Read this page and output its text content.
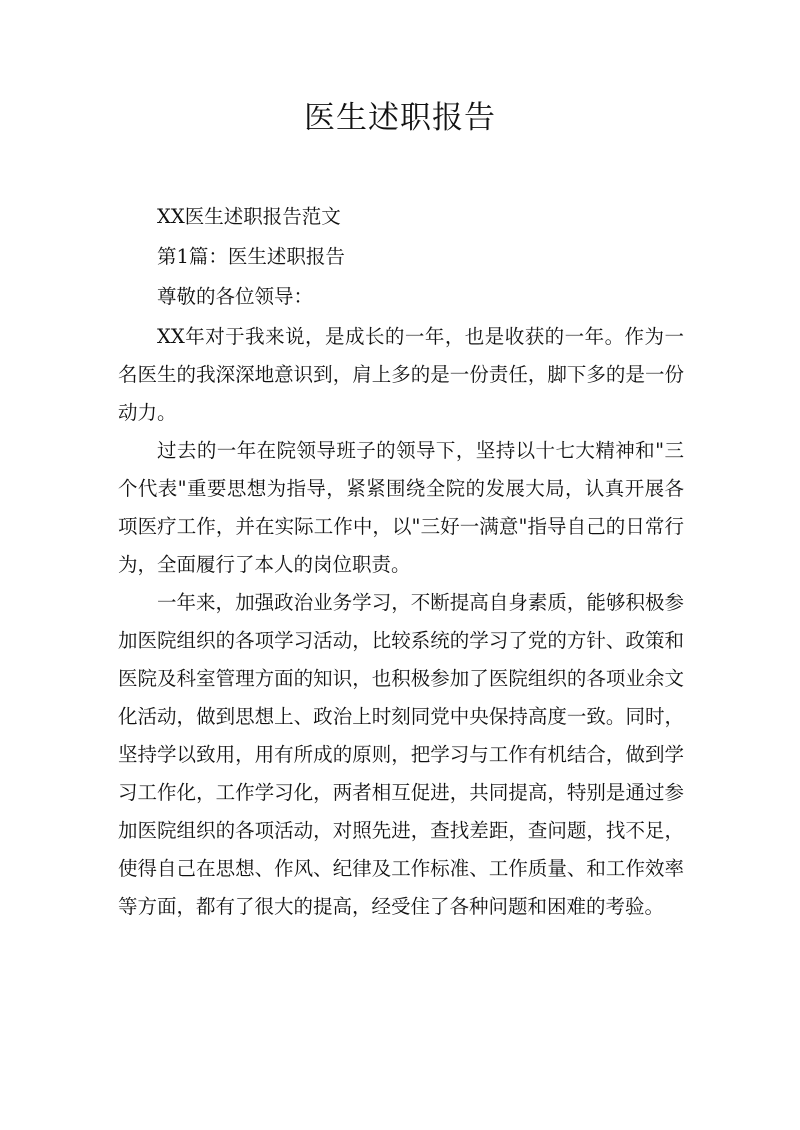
医生述职报告

XX医生述职报告范文

第1篇：医生述职报告

尊敬的各位领导：

XX年对于我来说，是成长的一年，也是收获的一年。作为一名医生的我深深地意识到，肩上多的是一份责任，脚下多的是一份动力。

过去的一年在院领导班子的领导下，坚持以十七大精神和"三个代表"重要思想为指导，紧紧围绕全院的发展大局，认真开展各项医疗工作，并在实际工作中，以"三好一满意"指导自己的日常行为，全面履行了本人的岗位职责。

一年来，加强政治业务学习，不断提高自身素质，能够积极参加医院组织的各项学习活动，比较系统的学习了党的方针、政策和医院及科室管理方面的知识，也积极参加了医院组织的各项业余文化活动，做到思想上、政治上时刻同党中央保持高度一致。同时，坚持学以致用，用有所成的原则，把学习与工作有机结合，做到学习工作化，工作学习化，两者相互促进，共同提高，特别是通过参加医院组织的各项活动，对照先进，查找差距，查问题，找不足，使得自己在思想、作风、纪律及工作标准、工作质量、和工作效率等方面，都有了很大的提高，经受住了各种问题和困难的考验。
